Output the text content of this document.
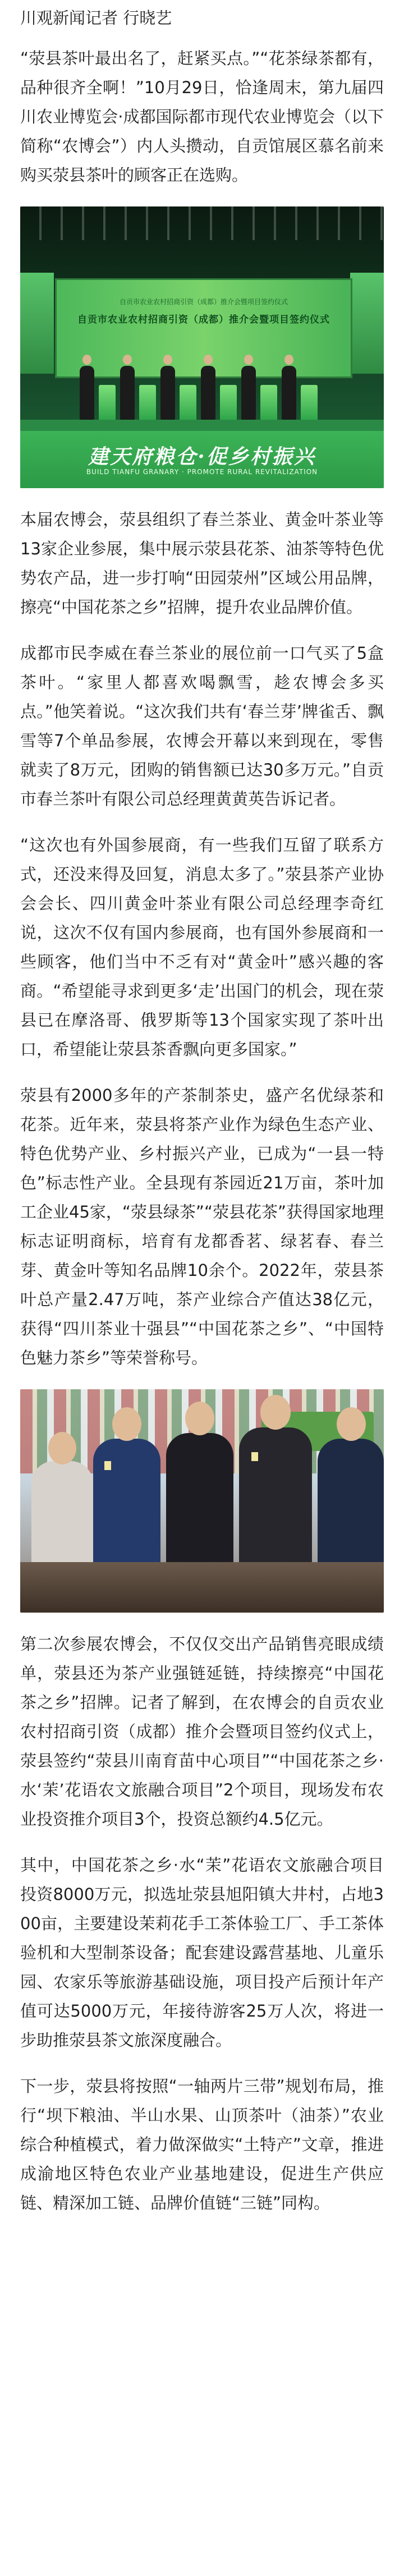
川观新闻记者 行晓艺

“荥县茶叶最出名了，赶紧买点。”“花茶绿茶都有，品种很齐全啊！”10月29日，恰逢周末，第九届四川农业博览会·成都国际都市现代农业博览会（以下简称“农博会”）内人头攒动，自贡馆展区慕名前来购买荥县茶叶的顾客正在选购。

自贡市农业农村招商引资（成都）推介会暨项目签约仪式
自贡市农业农村招商引资（成都）推介会暨项目签约仪式
建天府粮仓·促乡村振兴
BUILD TIANFU GRANARY · PROMOTE RURAL REVITALIZATION

本届农博会，荥县组织了春兰茶业、黄金叶茶业等13家企业参展，集中展示荥县花茶、油茶等特色优势农产品，进一步打响“田园荥州”区域公用品牌，擦亮“中国花茶之乡”招牌，提升农业品牌价值。

成都市民李威在春兰茶业的展位前一口气买了5盒茶叶。“家里人都喜欢喝飘雪，趁农博会多买点。”他笑着说。“这次我们共有‘春兰芽’牌雀舌、飘雪等7个单品参展，农博会开幕以来到现在，零售就卖了8万元，团购的销售额已达30多万元。”自贡市春兰茶叶有限公司总经理黄黄英告诉记者。

“这次也有外国参展商，有一些我们互留了联系方式，还没来得及回复，消息太多了。”荥县茶产业协会会长、四川黄金叶茶业有限公司总经理李奇红说，这次不仅有国内参展商，也有国外参展商和一些顾客，他们当中不乏有对“黄金叶”感兴趣的客商。“希望能寻求到更多‘走’出国门的机会，现在荥县已在摩洛哥、俄罗斯等13个国家实现了茶叶出口，希望能让荥县茶香飘向更多国家。”

荥县有2000多年的产茶制茶史，盛产名优绿茶和花茶。近年来，荥县将茶产业作为绿色生态产业、特色优势产业、乡村振兴产业，已成为“一县一特色”标志性产业。全县现有茶园近21万亩，茶叶加工企业45家，“荥县绿茶”“荥县花茶”获得国家地理标志证明商标，培育有龙都香茗、绿茗春、春兰芽、黄金叶等知名品牌10余个。2022年，荥县茶叶总产量2.47万吨，茶产业综合产值达38亿元，获得“四川茶业十强县”“中国花茶之乡”、“中国特色魅力茶乡”等荣誉称号。

第二次参展农博会，不仅仅交出产品销售亮眼成绩单，荥县还为茶产业强链延链，持续擦亮“中国花茶之乡”招牌。记者了解到，在农博会的自贡农业农村招商引资（成都）推介会暨项目签约仪式上，荥县签约“荥县川南育苗中心项目”“中国花茶之乡·水‘茉’花语农文旅融合项目”2个项目，现场发布农业投资推介项目3个，投资总额约4.5亿元。

其中，中国花茶之乡·水“茉”花语农文旅融合项目投资8000万元，拟选址荥县旭阳镇大井村，占地300亩，主要建设茉莉花手工茶体验工厂、手工茶体验机和大型制茶设备；配套建设露营基地、儿童乐园、农家乐等旅游基础设施，项目投产后预计年产值可达5000万元，年接待游客25万人次，将进一步助推荥县茶文旅深度融合。

下一步，荥县将按照“一轴两片三带”规划布局，推行“坝下粮油、半山水果、山顶茶叶（油茶）”农业综合种植模式，着力做深做实“土特产”文章，推进成渝地区特色农业产业基地建设，促进生产供应链、精深加工链、品牌价值链“三链”同构。
